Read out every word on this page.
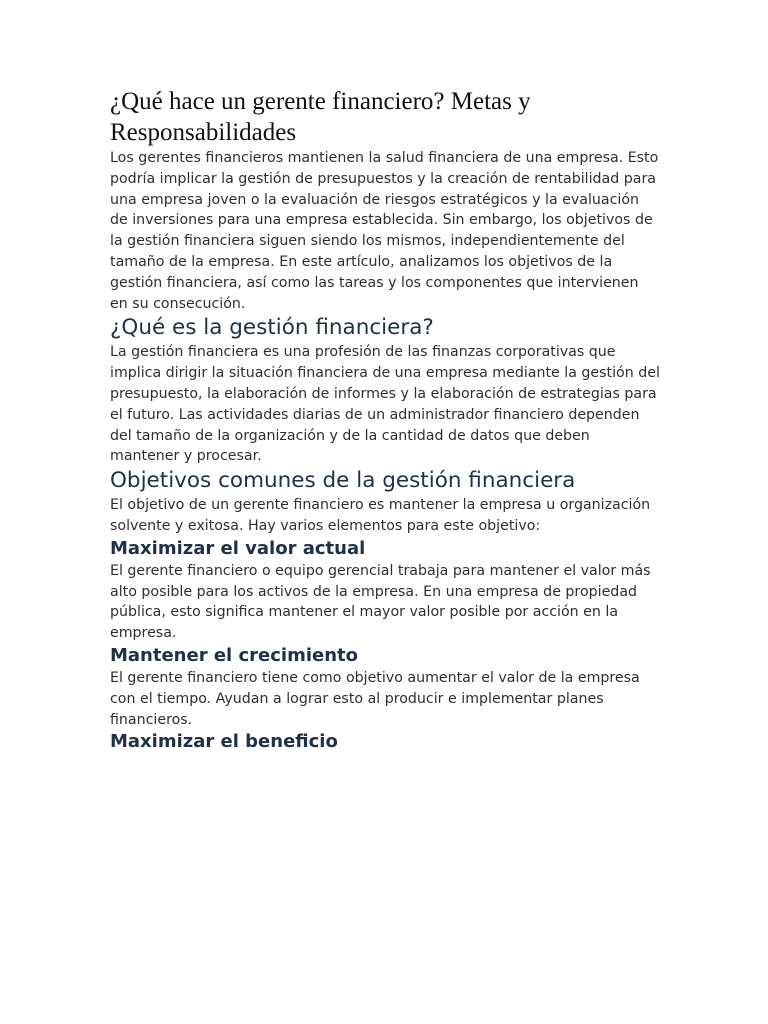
¿Qué hace un gerente financiero? Metas y Responsabilidades

Los gerentes financieros mantienen la salud financiera de una empresa. Esto podría implicar la gestión de presupuestos y la creación de rentabilidad para una empresa joven o la evaluación de riesgos estratégicos y la evaluación de inversiones para una empresa establecida. Sin embargo, los objetivos de la gestión financiera siguen siendo los mismos, independientemente del tamaño de la empresa. En este artículo, analizamos los objetivos de la gestión financiera, así como las tareas y los componentes que intervienen en su consecución.

¿Qué es la gestión financiera?

La gestión financiera es una profesión de las finanzas corporativas que implica dirigir la situación financiera de una empresa mediante la gestión del presupuesto, la elaboración de informes y la elaboración de estrategias para el futuro. Las actividades diarias de un administrador financiero dependen del tamaño de la organización y de la cantidad de datos que deben mantener y procesar.

Objetivos comunes de la gestión financiera

El objetivo de un gerente financiero es mantener la empresa u organización solvente y exitosa. Hay varios elementos para este objetivo:

Maximizar el valor actual

El gerente financiero o equipo gerencial trabaja para mantener el valor más alto posible para los activos de la empresa. En una empresa de propiedad pública, esto significa mantener el mayor valor posible por acción en la empresa.

Mantener el crecimiento

El gerente financiero tiene como objetivo aumentar el valor de la empresa con el tiempo. Ayudan a lograr esto al producir e implementar planes financieros.

Maximizar el beneficio
